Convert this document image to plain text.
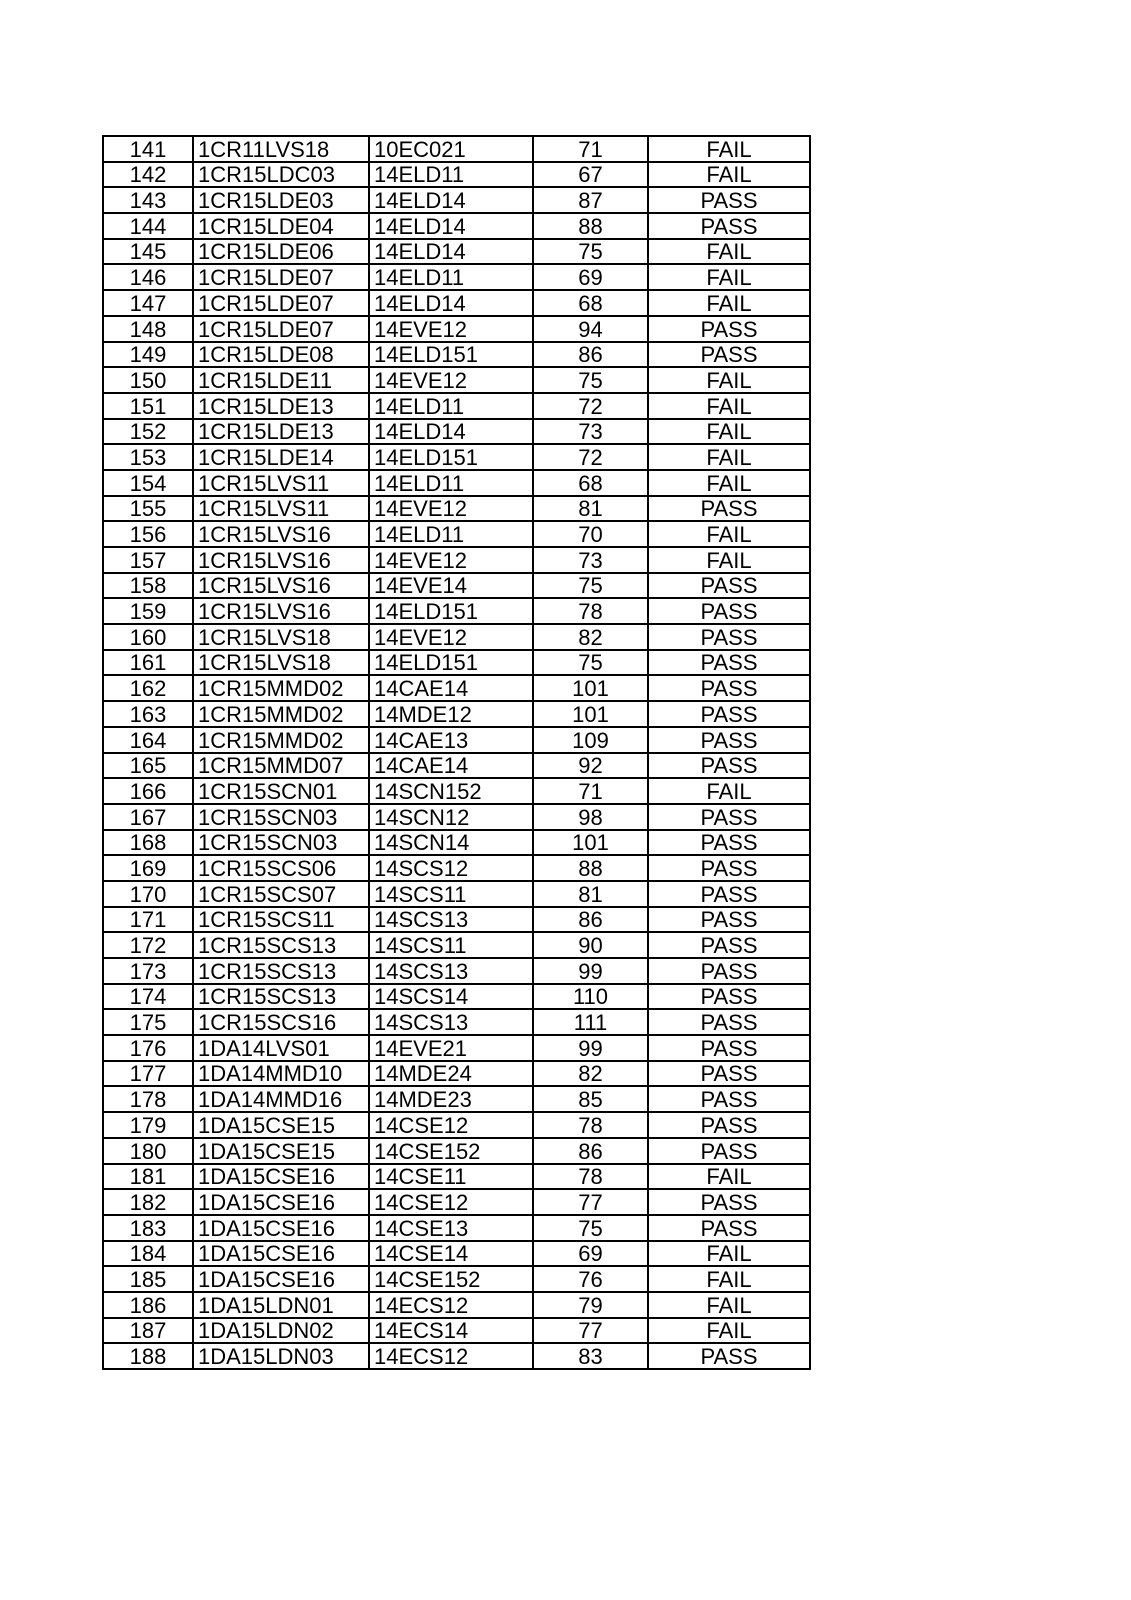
141	1CR11LVS18	10EC021	71	FAIL
142	1CR15LDC03	14ELD11	67	FAIL
143	1CR15LDE03	14ELD14	87	PASS
144	1CR15LDE04	14ELD14	88	PASS
145	1CR15LDE06	14ELD14	75	FAIL
146	1CR15LDE07	14ELD11	69	FAIL
147	1CR15LDE07	14ELD14	68	FAIL
148	1CR15LDE07	14EVE12	94	PASS
149	1CR15LDE08	14ELD151	86	PASS
150	1CR15LDE11	14EVE12	75	FAIL
151	1CR15LDE13	14ELD11	72	FAIL
152	1CR15LDE13	14ELD14	73	FAIL
153	1CR15LDE14	14ELD151	72	FAIL
154	1CR15LVS11	14ELD11	68	FAIL
155	1CR15LVS11	14EVE12	81	PASS
156	1CR15LVS16	14ELD11	70	FAIL
157	1CR15LVS16	14EVE12	73	FAIL
158	1CR15LVS16	14EVE14	75	PASS
159	1CR15LVS16	14ELD151	78	PASS
160	1CR15LVS18	14EVE12	82	PASS
161	1CR15LVS18	14ELD151	75	PASS
162	1CR15MMD02	14CAE14	101	PASS
163	1CR15MMD02	14MDE12	101	PASS
164	1CR15MMD02	14CAE13	109	PASS
165	1CR15MMD07	14CAE14	92	PASS
166	1CR15SCN01	14SCN152	71	FAIL
167	1CR15SCN03	14SCN12	98	PASS
168	1CR15SCN03	14SCN14	101	PASS
169	1CR15SCS06	14SCS12	88	PASS
170	1CR15SCS07	14SCS11	81	PASS
171	1CR15SCS11	14SCS13	86	PASS
172	1CR15SCS13	14SCS11	90	PASS
173	1CR15SCS13	14SCS13	99	PASS
174	1CR15SCS13	14SCS14	110	PASS
175	1CR15SCS16	14SCS13	111	PASS
176	1DA14LVS01	14EVE21	99	PASS
177	1DA14MMD10	14MDE24	82	PASS
178	1DA14MMD16	14MDE23	85	PASS
179	1DA15CSE15	14CSE12	78	PASS
180	1DA15CSE15	14CSE152	86	PASS
181	1DA15CSE16	14CSE11	78	FAIL
182	1DA15CSE16	14CSE12	77	PASS
183	1DA15CSE16	14CSE13	75	PASS
184	1DA15CSE16	14CSE14	69	FAIL
185	1DA15CSE16	14CSE152	76	FAIL
186	1DA15LDN01	14ECS12	79	FAIL
187	1DA15LDN02	14ECS14	77	FAIL
188	1DA15LDN03	14ECS12	83	PASS
